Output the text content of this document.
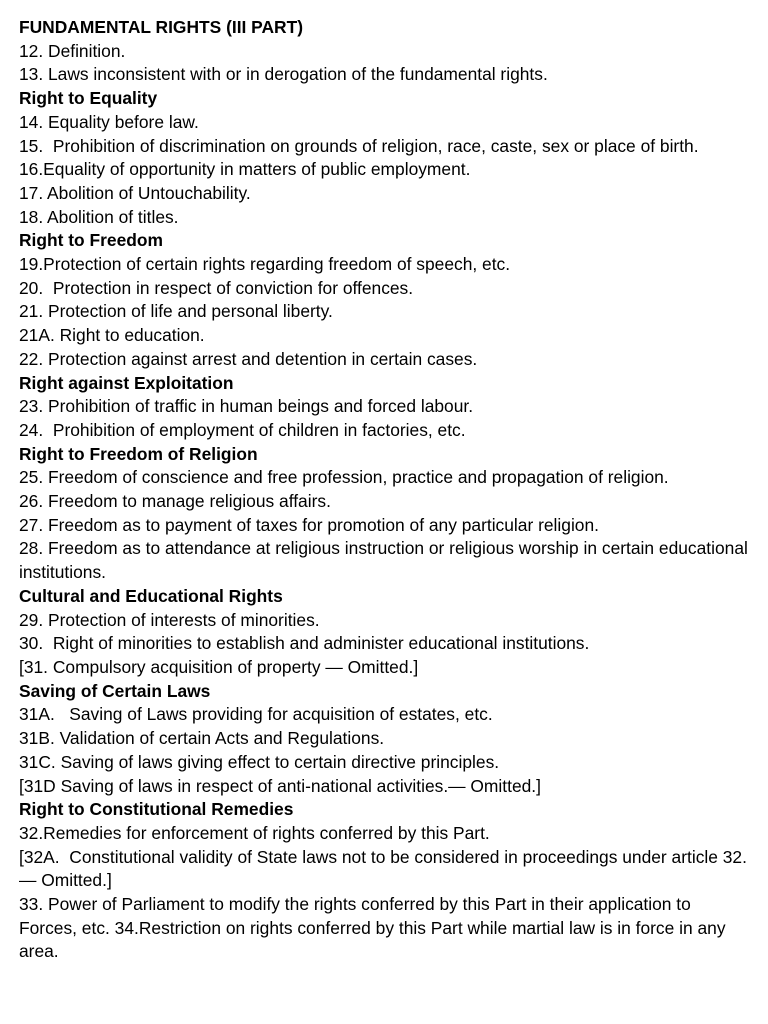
FUNDAMENTAL RIGHTS (III PART)
12. Definition.
13. Laws inconsistent with or in derogation of the fundamental rights.
Right to Equality
14. Equality before law.
15.  Prohibition of discrimination on grounds of religion, race, caste, sex or place of birth.
16.Equality of opportunity in matters of public employment.
17. Abolition of Untouchability.
18. Abolition of titles.
Right to Freedom
19.Protection of certain rights regarding freedom of speech, etc.
20.  Protection in respect of conviction for offences.
21. Protection of life and personal liberty.
21A. Right to education.
22. Protection against arrest and detention in certain cases.
Right against Exploitation
23. Prohibition of traffic in human beings and forced labour.
24.  Prohibition of employment of children in factories, etc.
Right to Freedom of Religion
25. Freedom of conscience and free profession, practice and propagation of religion.
26. Freedom to manage religious affairs.
27. Freedom as to payment of taxes for promotion of any particular religion.
28. Freedom as to attendance at religious instruction or religious worship in certain educational institutions.
Cultural and Educational Rights
29. Protection of interests of minorities.
30.  Right of minorities to establish and administer educational institutions.
[31. Compulsory acquisition of property — Omitted.]
Saving of Certain Laws
31A.   Saving of Laws providing for acquisition of estates, etc.
31B. Validation of certain Acts and Regulations.
31C. Saving of laws giving effect to certain directive principles.
[31D Saving of laws in respect of anti-national activities.— Omitted.]
Right to Constitutional Remedies
32.Remedies for enforcement of rights conferred by this Part.
[32A.  Constitutional validity of State laws not to be considered in proceedings under article 32. — Omitted.]
33. Power of Parliament to modify the rights conferred by this Part in their application to Forces, etc. 34.Restriction on rights conferred by this Part while martial law is in force in any area.
